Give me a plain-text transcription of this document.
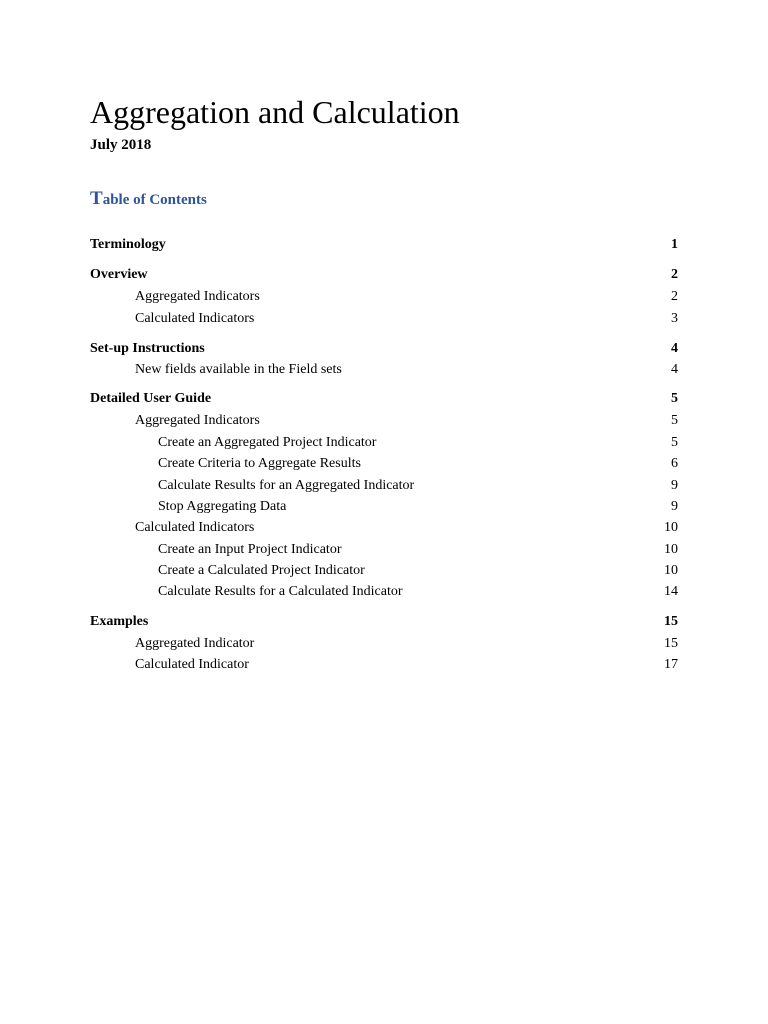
Aggregation and Calculation
July 2018
Table of Contents
Terminology	1
Overview	2
Aggregated Indicators	2
Calculated Indicators	3
Set-up Instructions	4
New fields available in the Field sets	4
Detailed User Guide	5
Aggregated Indicators	5
Create an Aggregated Project Indicator	5
Create Criteria to Aggregate Results	6
Calculate Results for an Aggregated Indicator	9
Stop Aggregating Data	9
Calculated Indicators	10
Create an Input Project Indicator	10
Create a Calculated Project Indicator	10
Calculate Results for a Calculated Indicator	14
Examples	15
Aggregated Indicator	15
Calculated Indicator	17
